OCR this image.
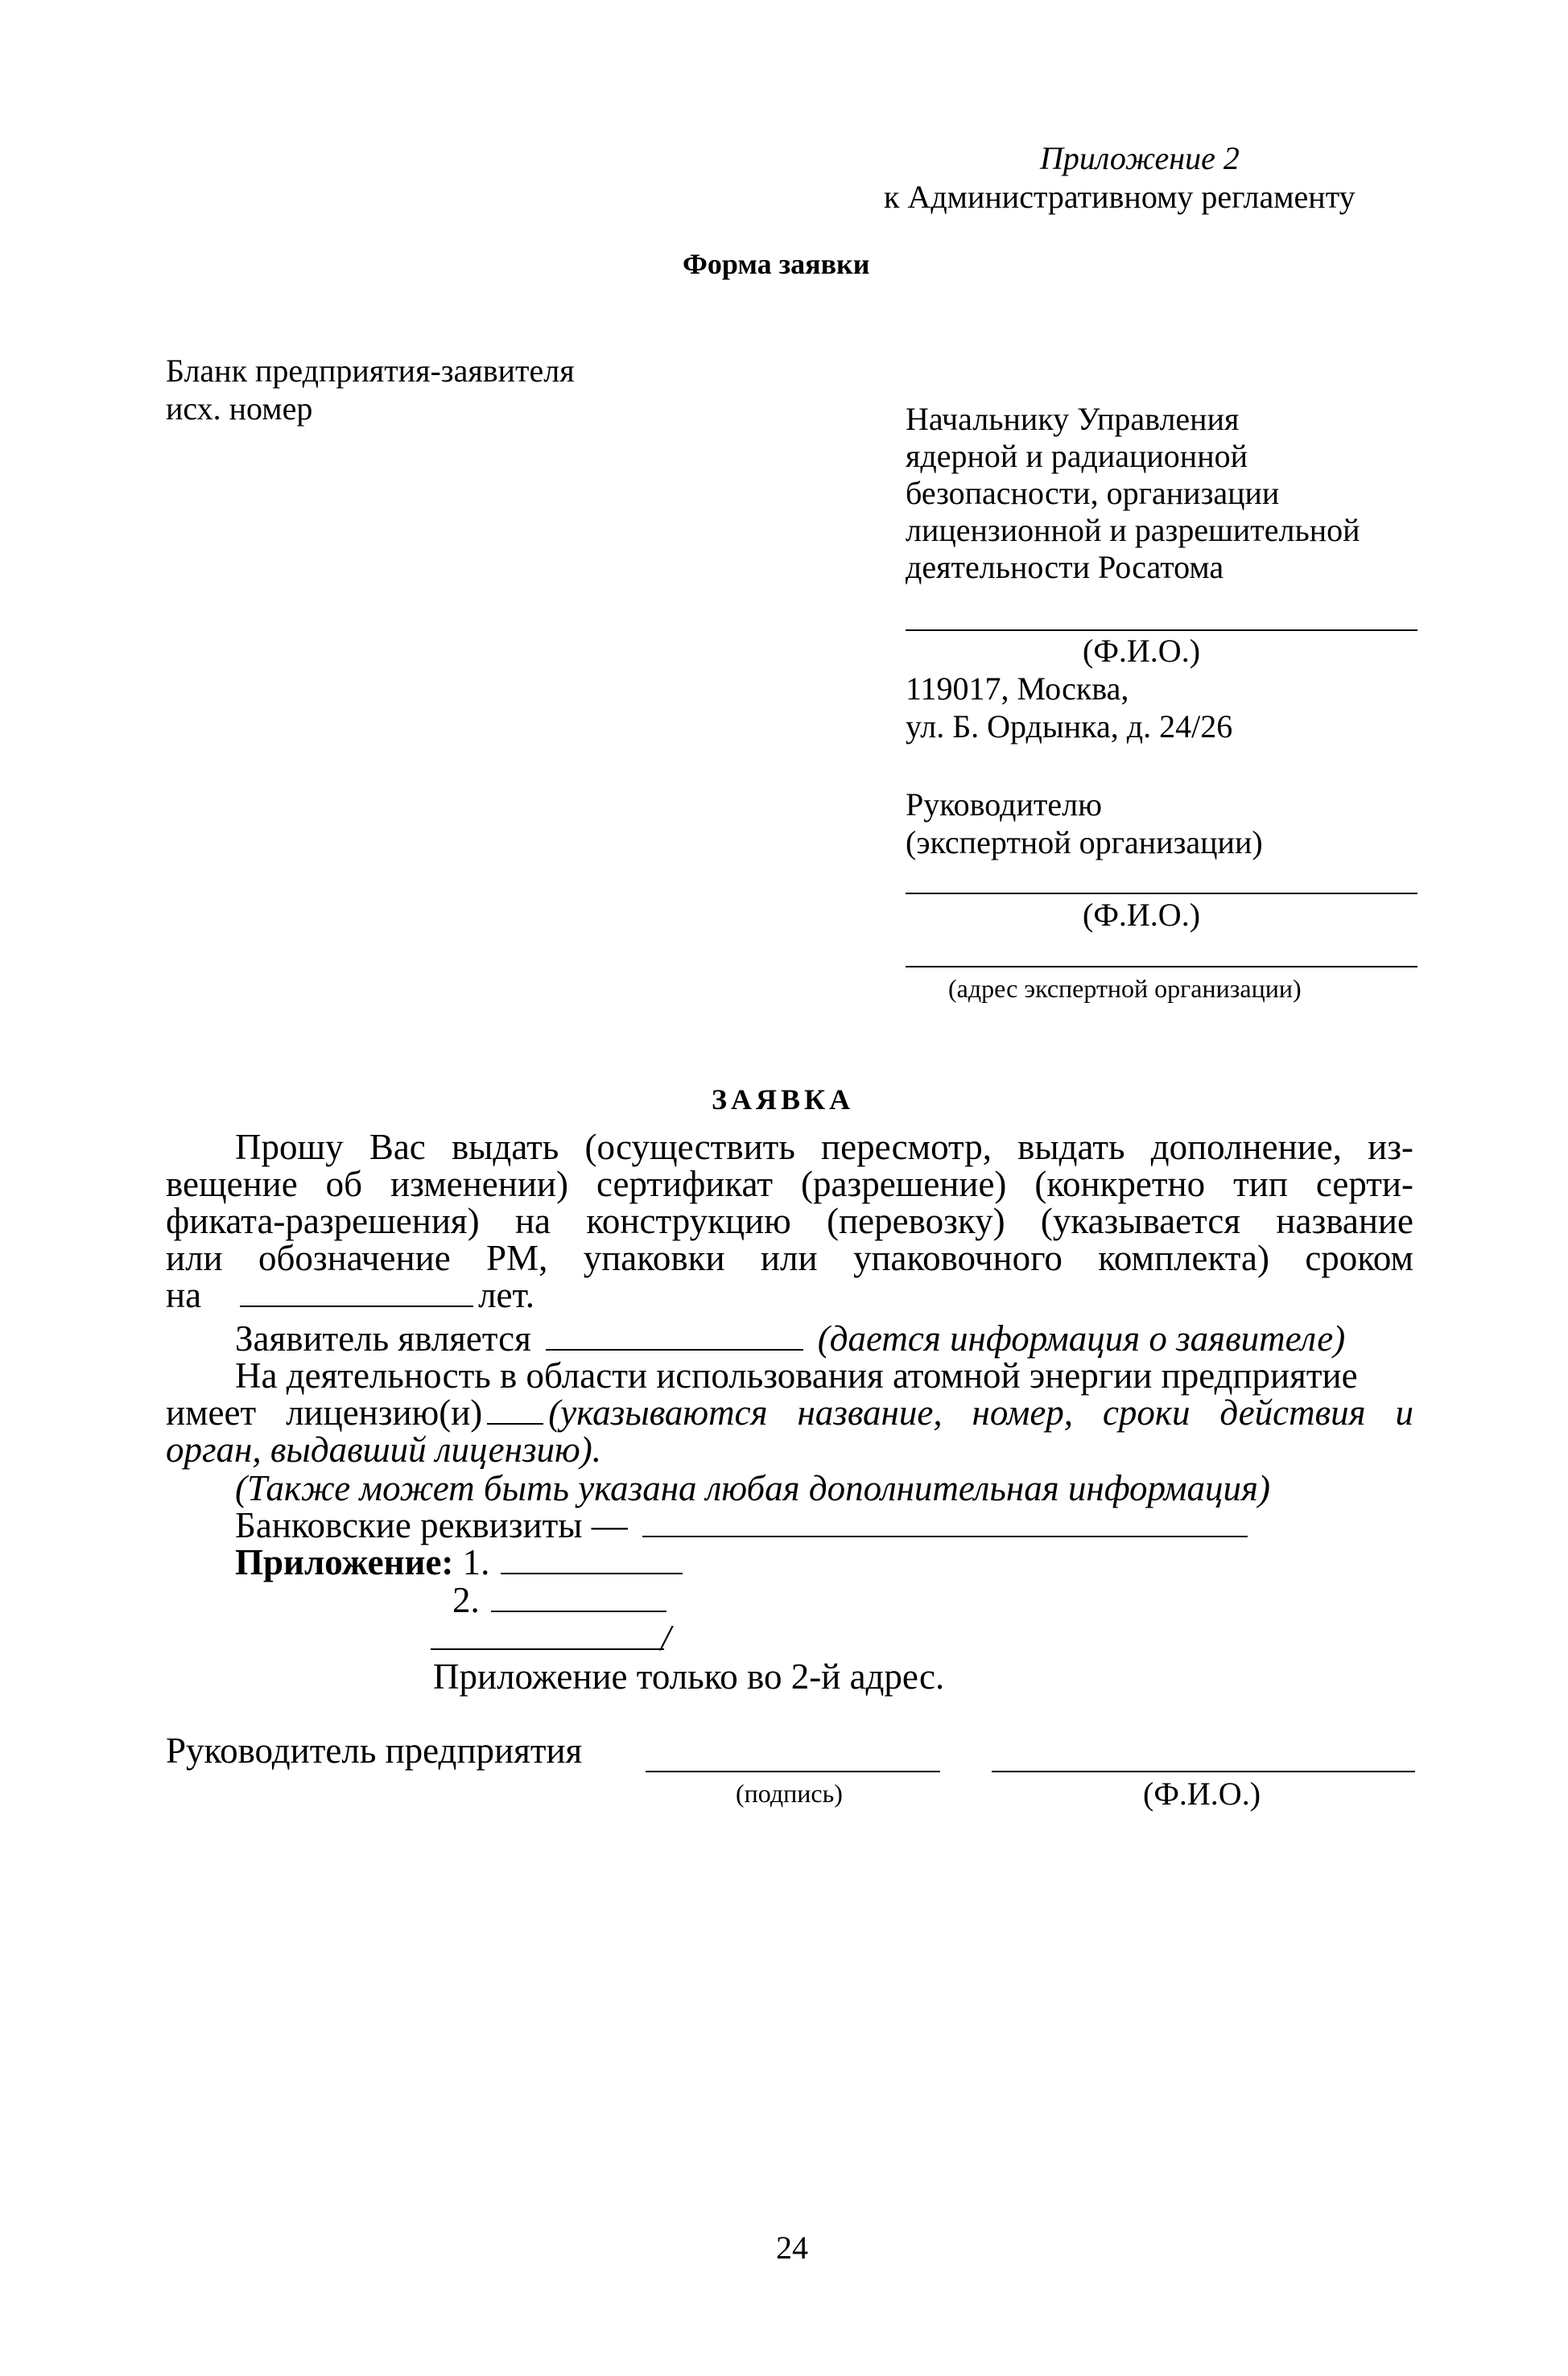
Приложение 2
к Административному регламенту
Форма заявки
Бланк предприятия-заявителя
исх. номер	Начальнику Управления
ядерной и радиационной
безопасности, организации
лицензионной и разрешительной
деятельности Росатома
(Ф.И.О.)
119017, Москва,
ул. Б. Ордынка, д. 24/26
Руководителю
(экспертной организации)
(Ф.И.О.)
(адрес экспертной организации)
ЗАЯВКА
Прошу Вас выдать (осуществить пересмотр, выдать дополнение, из-
вещение об изменении) сертификат (разрешение) (конкретно тип серти-
фиката-разрешения) на конструкцию (перевозку) (указывается название
или обозначение РМ, упаковки или упаковочного комплекта) сроком
на	лет.
Заявитель является	(дается информация о заявителе)
На деятельность в области использования атомной энергии предприятие
имеет лицензию(и) (указываются название, номер, сроки действия и
орган, выдавший лицензию).
(Также может быть указана любая дополнительная информация)
Банковские реквизиты —
Приложение: 1.
2.
/
Приложение только во 2-й адрес.
Руководитель предприятия
(подпись)	(Ф.И.О.)
24
